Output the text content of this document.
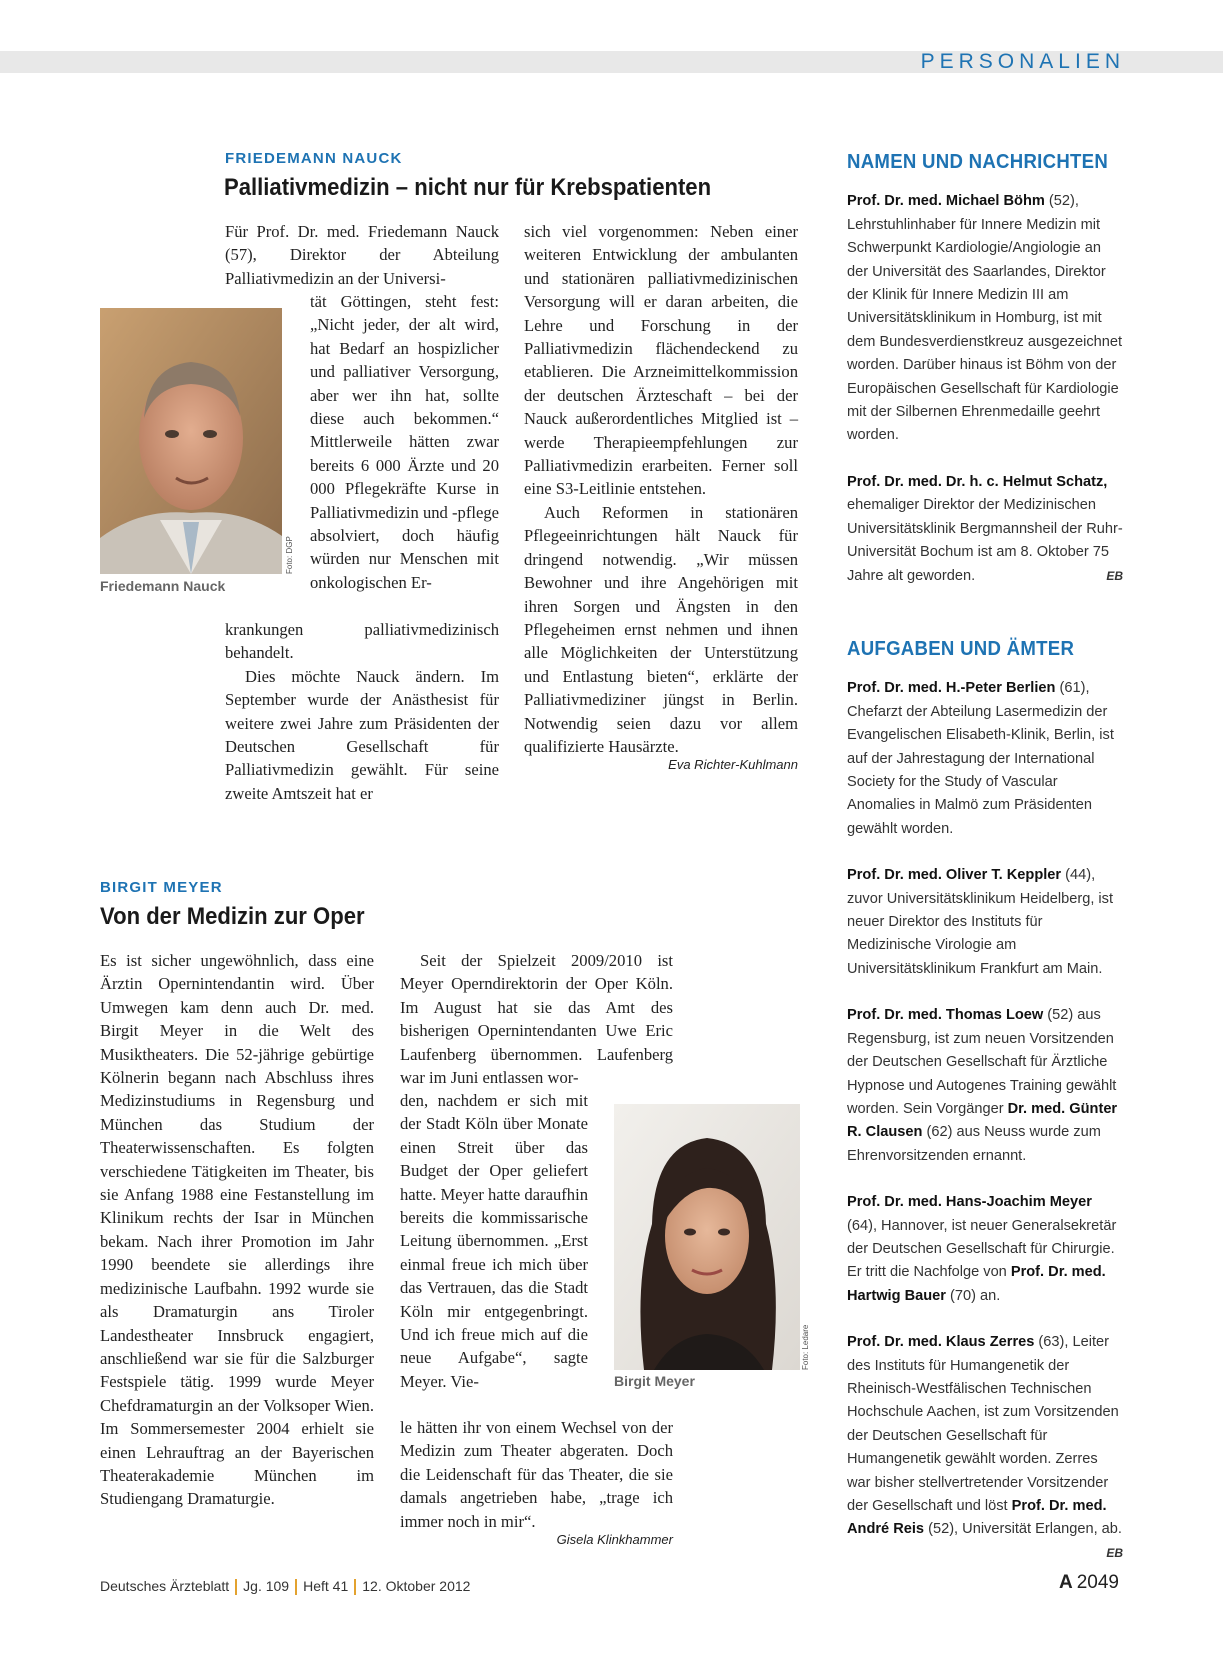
PERSONALIEN
FRIEDEMANN NAUCK
Palliativmedizin – nicht nur für Krebspatienten
Friedemann Nauck
Foto: DGP

Für Prof. Dr. med. Friedemann Nauck (57), Direktor der Abteilung Palliativmedizin an der Universi-

tät Göttingen, steht fest: „Nicht jeder, der alt wird, hat Bedarf an hospizlicher und palliativer Versorgung, aber wer ihn hat, sollte diese auch bekommen.“ Mittlerweile hätten zwar bereits 6 000 Ärzte und 20 000 Pflegekräfte Kurse in Palliativmedizin und -pflege absolviert, doch häufig würden nur Menschen mit onkologischen Er-

krankungen palliativmedizinisch behandelt.

Dies möchte Nauck ändern. Im September wurde der Anästhesist für weitere zwei Jahre zum Präsidenten der Deutschen Gesellschaft für Palliativmedizin gewählt. Für seine zweite Amtszeit hat er

sich viel vorgenommen: Neben einer weiteren Entwicklung der ambulanten und stationären palliativmedizinischen Versorgung will er daran arbeiten, die Lehre und Forschung in der Palliativmedizin flächendeckend zu etablieren. Die Arzneimittelkommission der deutschen Ärzteschaft – bei der Nauck außerordentliches Mitglied ist – werde Therapieempfehlungen zur Palliativmedizin erarbeiten. Ferner soll eine S3-Leitlinie entstehen.

Auch Reformen in stationären Pflegeeinrichtungen hält Nauck für dringend notwendig. „Wir müssen Bewohner und ihre Angehörigen mit ihren Sorgen und Ängsten in den Pflegeheimen ernst nehmen und ihnen alle Möglichkeiten der Unterstützung und Entlastung bieten“, erklärte der Palliativmediziner jüngst in Berlin. Notwendig seien dazu vor allem qualifizierte Hausärzte.

Eva Richter-Kuhlmann
BIRGIT MEYER
Von der Medizin zur Oper

Es ist sicher ungewöhnlich, dass eine Ärztin Opernintendantin wird. Über Umwegen kam denn auch Dr. med. Birgit Meyer in die Welt des Musiktheaters. Die 52-jährige gebürtige Kölnerin begann nach Abschluss ihres Medizinstudiums in Regensburg und München das Studium der Theaterwissenschaften. Es folgten verschiedene Tätigkeiten im Theater, bis sie Anfang 1988 eine Festanstellung im Klinikum rechts der Isar in München bekam. Nach ihrer Promotion im Jahr 1990 beendete sie allerdings ihre medizinische Laufbahn. 1992 wurde sie als Dramaturgin ans Tiroler Landestheater Innsbruck engagiert, anschließend war sie für die Salzburger Festspiele tätig. 1999 wurde Meyer Chefdramaturgin an der Volksoper Wien. Im Sommersemester 2004 erhielt sie einen Lehrauftrag an der Bayerischen Theaterakademie München im Studiengang Dramaturgie.

Seit der Spielzeit 2009/2010 ist Meyer Operndirektorin der Oper Köln. Im August hat sie das Amt des bisherigen Opernintendanten Uwe Eric Laufenberg übernommen. Laufenberg war im Juni entlassen wor-

den, nachdem er sich mit der Stadt Köln über Monate einen Streit über das Budget der Oper geliefert hatte. Meyer hatte daraufhin bereits die kommissarische Leitung übernommen. „Erst einmal freue ich mich über das Vertrauen, das die Stadt Köln mir entgegenbringt. Und ich freue mich auf die neue Aufgabe“, sagte Meyer. Vie-

le hätten ihr von einem Wechsel von der Medizin zum Theater abgeraten. Doch die Leidenschaft für das Theater, die sie damals angetrieben habe, „trage ich immer noch in mir“.

Gisela Klinkhammer
Birgit Meyer
Foto: Ledare
NAMEN UND NACHRICHTEN

Prof. Dr. med. Michael Böhm (52), Lehrstuhlinhaber für Innere Medizin mit Schwerpunkt Kardiologie/Angiologie an der Universität des Saarlandes, Direktor der Klinik für Innere Medizin III am Universitätsklinikum in Homburg, ist mit dem Bundesverdienstkreuz ausgezeichnet worden. Darüber hinaus ist Böhm von der Europäischen Gesellschaft für Kardiologie mit der Silbernen Ehrenmedaille geehrt worden.

Prof. Dr. med. Dr. h. c. Helmut Schatz, ehemaliger Direktor der Medizinischen Universitätsklinik Bergmannsheil der Ruhr-Universität Bochum ist am 8. Oktober 75 Jahre alt geworden.	EB

AUFGABEN UND ÄMTER

Prof. Dr. med. H.-Peter Berlien (61), Chefarzt der Abteilung Lasermedizin der Evangelischen Elisabeth-Klinik, Berlin, ist auf der Jahrestagung der International Society for the Study of Vascular Anomalies in Malmö zum Präsidenten gewählt worden.

Prof. Dr. med. Oliver T. Keppler (44), zuvor Universitätsklinikum Heidelberg, ist neuer Direktor des Instituts für Medizinische Virologie am Universitätsklinikum Frankfurt am Main.

Prof. Dr. med. Thomas Loew (52) aus Regensburg, ist zum neuen Vorsitzenden der Deutschen Gesellschaft für Ärztliche Hypnose und Autogenes Training gewählt worden. Sein Vorgänger Dr. med. Günter R. Clausen (62) aus Neuss wurde zum Ehrenvorsitzenden ernannt.

Prof. Dr. med. Hans-Joachim Meyer (64), Hannover, ist neuer Generalsekretär der Deutschen Gesellschaft für Chirurgie. Er tritt die Nachfolge von Prof. Dr. med. Hartwig Bauer (70) an.

Prof. Dr. med. Klaus Zerres (63), Leiter des Instituts für Humangenetik der Rheinisch-Westfälischen Technischen Hochschule Aachen, ist zum Vorsitzenden der Deutschen Gesellschaft für Humangenetik gewählt worden. Zerres war bisher stellvertretender Vorsitzender der Gesellschaft und löst Prof. Dr. med. André Reis (52), Universität Erlangen, ab.
EB

Deutsches Ärzteblatt Jg. 109 Heft 41 12. Oktober 2012	A 2049
